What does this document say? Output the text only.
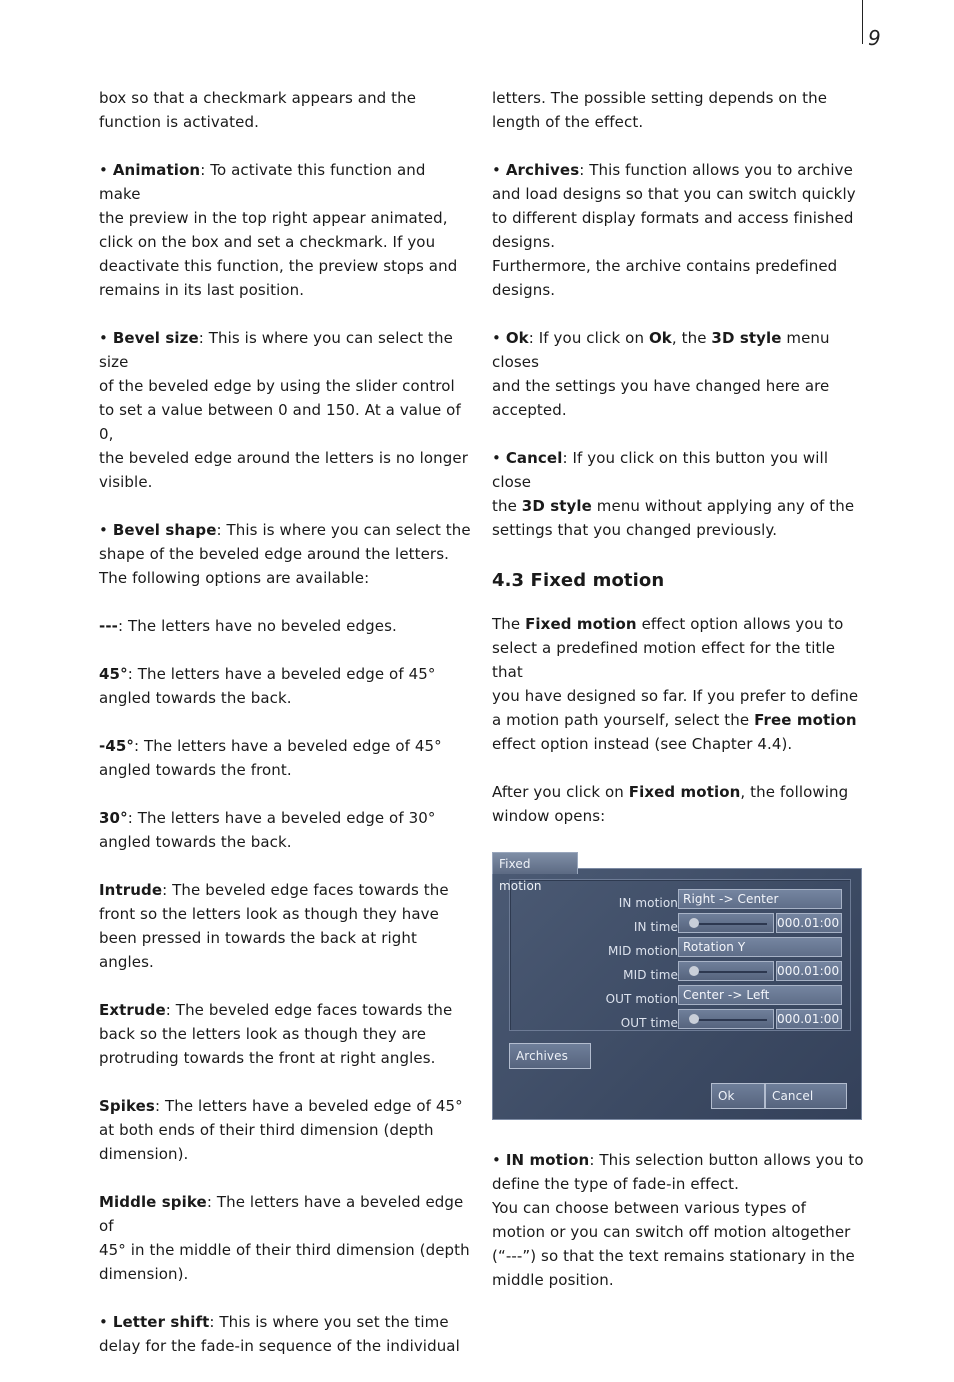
9
box so that a checkmark appears and the
function is activated.
• Animation: To activate this function and make
the preview in the top right appear animated,
click on the box and set a checkmark. If you
deactivate this function, the preview stops and
remains in its last position.
• Bevel size: This is where you can select the size
of the beveled edge by using the slider control
to set a value between 0 and 150. At a value of 0,
the beveled edge around the letters is no longer
visible.
• Bevel shape: This is where you can select the
shape of the beveled edge around the letters.
The following options are available:
---: The letters have no beveled edges.
45°: The letters have a beveled edge of 45°
angled towards the back.
-45°: The letters have a beveled edge of 45°
angled towards the front.
30°: The letters have a beveled edge of 30°
angled towards the back.
Intrude: The beveled edge faces towards the
front so the letters look as though they have
been pressed in towards the back at right
angles.
Extrude: The beveled edge faces towards the
back so the letters look as though they are
protruding towards the front at right angles.
Spikes: The letters have a beveled edge of 45°
at both ends of their third dimension (depth
dimension).
Middle spike: The letters have a beveled edge of
45° in the middle of their third dimension (depth
dimension).
• Letter shift: This is where you set the time
delay for the fade-in sequence of the individual
letters. The possible setting depends on the
length of the effect.
• Archives: This function allows you to archive
and load designs so that you can switch quickly
to different display formats and access finished
designs.
Furthermore, the archive contains predefined
designs.
• Ok: If you click on Ok, the 3D style menu closes
and the settings you have changed here are
accepted.
• Cancel: If you click on this button you will close
the 3D style menu without applying any of the
settings that you changed previously.
4.3 Fixed motion
The Fixed motion effect option allows you to
select a predefined motion effect for the title that
you have designed so far. If you prefer to define
a motion path yourself, select the Free motion
effect option instead (see Chapter 4.4).
After you click on Fixed motion, the following
window opens:
IN motion Right -> Center
IN time	000.01:00
MID motion Rotation Y
MID time	000.01:00
OUT motion Center -> Left
OUT time	000.01:00
Archives
Ok	Cancel
Fixed motion
• IN motion: This selection button allows you to
define the type of fade-in effect.
You can choose between various types of
motion or you can switch off motion altogether
(“---”) so that the text remains stationary in the
middle position.
